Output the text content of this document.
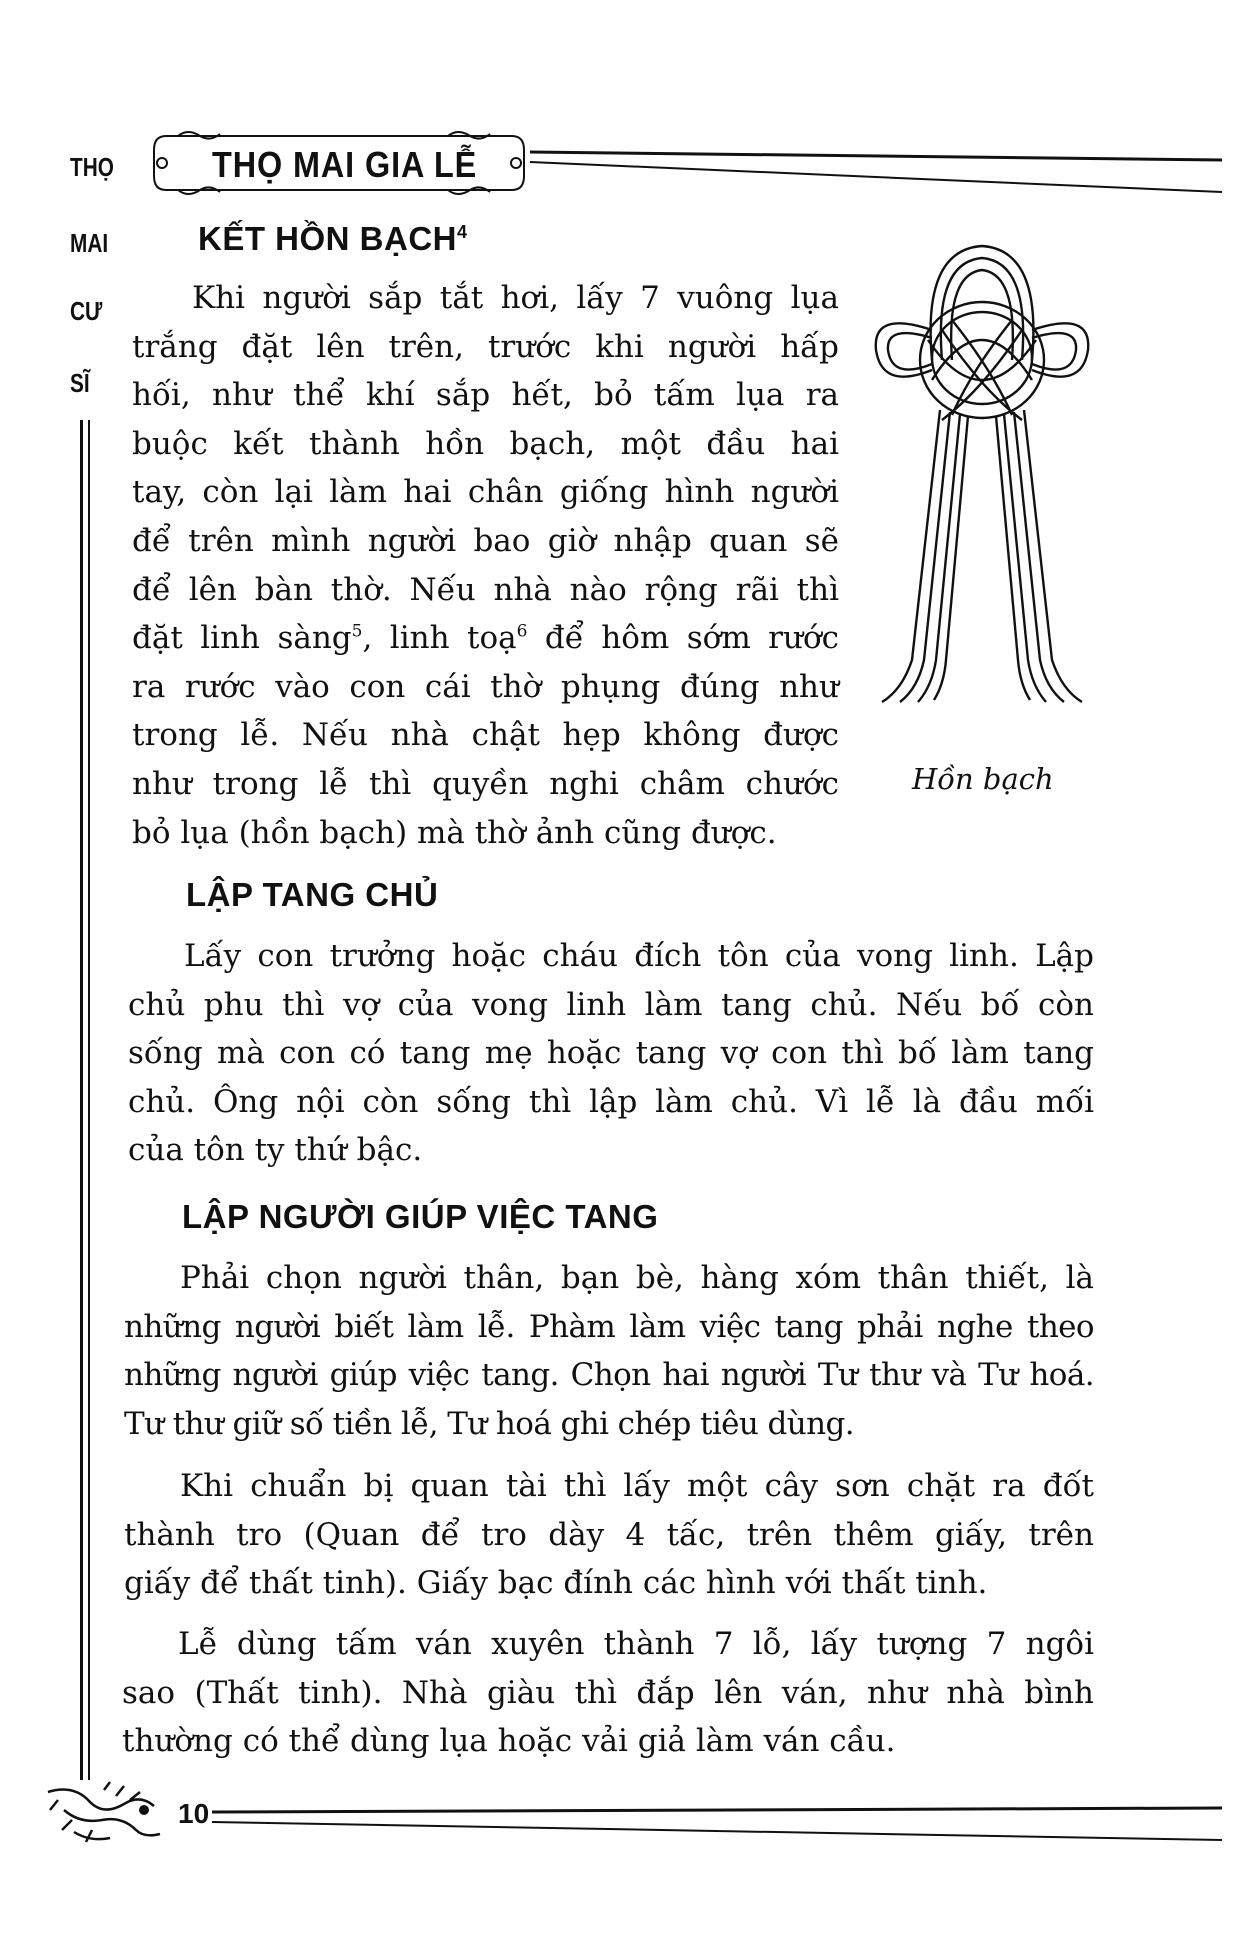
THỌ
MAI
CƯ
SĨ
THỌ MAI GIA LỄ
KẾT HỒN BẠCH$^4$
Khi người sắp tắt hơi, lấy 7 vuông lụa
trắng đặt lên trên, trước khi người hấp
hối, như thể khí sắp hết, bỏ tấm lụa ra
buộc kết thành hồn bạch, một đầu hai
tay, còn lại làm hai chân giống hình người
để trên mình người bao giờ nhập quan sẽ
để lên bàn thờ. Nếu nhà nào rộng rãi thì
đặt linh sàng$^5$, linh toạ$^6$ để hôm sớm rước
ra rước vào con cái thờ phụng đúng như
trong lễ. Nếu nhà chật hẹp không được
như trong lễ thì quyền nghi châm chước
bỏ lụa (hồn bạch) mà thờ ảnh cũng được.
Hồn bạch
LẬP TANG CHỦ
Lấy con trưởng hoặc cháu đích tôn của vong linh. Lập
chủ phu thì vợ của vong linh làm tang chủ. Nếu bố còn
sống mà con có tang mẹ hoặc tang vợ con thì bố làm tang
chủ. Ông nội còn sống thì lập làm chủ. Vì lễ là đầu mối
của tôn ty thứ bậc.
LẬP NGƯỜI GIÚP VIỆC TANG
Phải chọn người thân, bạn bè, hàng xóm thân thiết, là
những người biết làm lễ. Phàm làm việc tang phải nghe theo
những người giúp việc tang. Chọn hai người Tư thư và Tư hoá.
Tư thư giữ số tiền lễ, Tư hoá ghi chép tiêu dùng.
Khi chuẩn bị quan tài thì lấy một cây sơn chặt ra đốt
thành tro (Quan để tro dày 4 tấc, trên thêm giấy, trên
giấy để thất tinh). Giấy bạc đính các hình với thất tinh.
Lễ dùng tấm ván xuyên thành 7 lỗ, lấy tượng 7 ngôi
sao (Thất tinh). Nhà giàu thì đắp lên ván, như nhà bình
thường có thể dùng lụa hoặc vải giả làm ván cầu.
10
